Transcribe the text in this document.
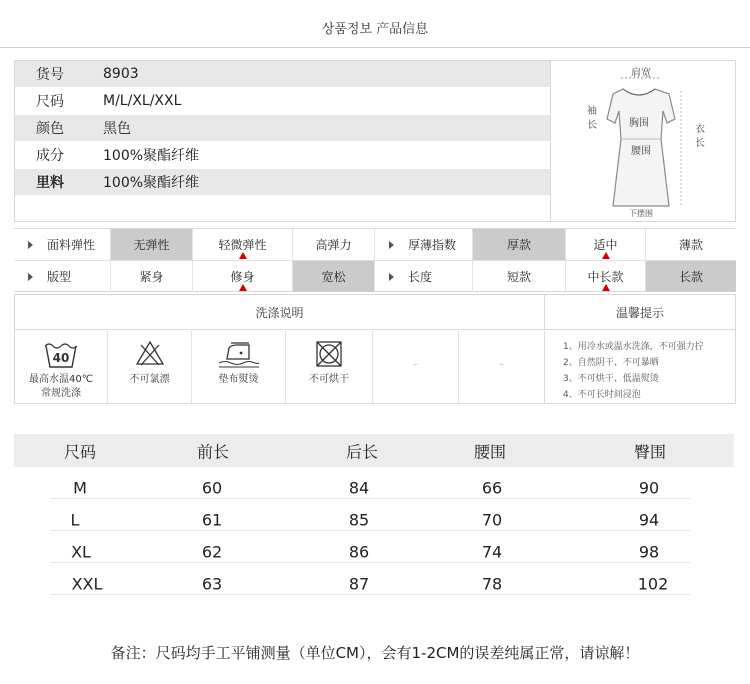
상품정보 产品信息
货号	8903
尺码	M/L/XL/XXL
颜色	黑色
成分	100%聚酯纤维
里料	100%聚酯纤维
肩宽
袖长	胸围
腰围
衣长
下摆围
面料弹性	无弹性	轻微弹性	高弹力	厚薄指数	厚款	适中	薄款
版型	紧身	修身	宽松	长度	短款	中长款	长款
洗涤说明	温馨提示
40
最高水温40℃ 常规洗涤
不可氯漂	垫布熨烫	不可烘干
–	–
1、用冷水或温水洗涤，不可强力拧
2、自然阴干、不可暴晒
3、不可烘干、低温熨烫
4、不可长时间浸泡
尺码	前长	后长	腰围	臀围
M	60	84	66	90
L	61	85	70	94
XL	62	86	74	98
XXL	63	87	78	102
备注：尺码均手工平铺测量（单位CM），会有1-2CM的误差纯属正常，请谅解！
